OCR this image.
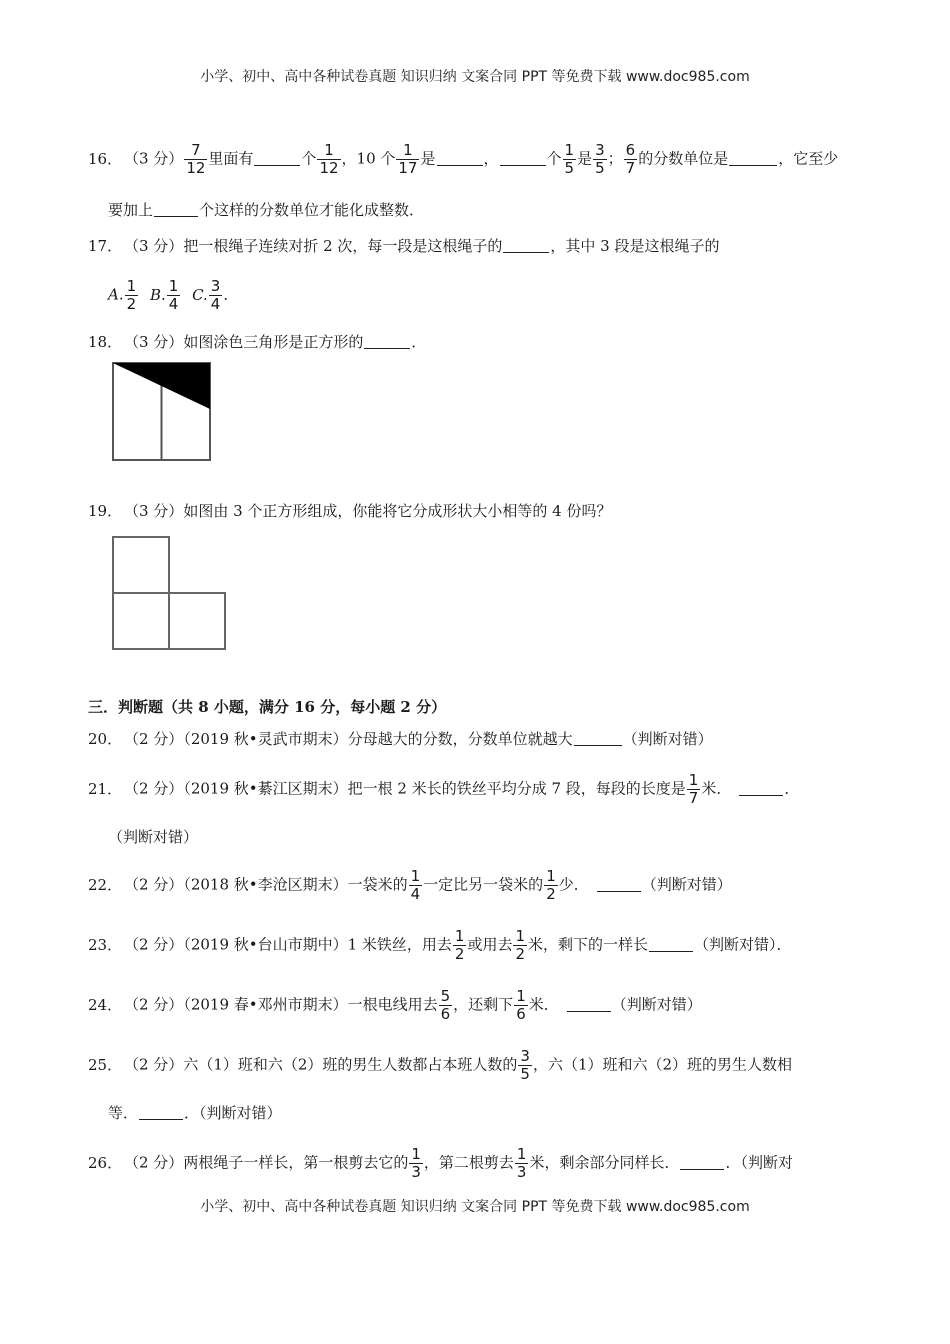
小学、初中、高中各种试卷真题 知识归纳 文案合同 PPT 等免费下载 www.doc985.com
16． （3 分） $\frac{7}{12}$ 里面有	个 $\frac{1}{12}$ ，10 个 $\frac{1}{17}$ 是	，	个 $\frac{1}{5}$ 是 $\frac{3}{5}$ ； $\frac{6}{7}$ 的分数单位是	，它至少
要加上	个这样的分数单位才能化成整数．
17． （3 分）把一根绳子连续对折 2 次，每一段是这根绳子的	，其中 3 段是这根绳子的
A. $\frac{1}{2} B$. $\frac{1}{4} C$. $\frac{3}{4}$ ．
18． （3 分）如图涂色三角形是正方形的	．
19． （3 分）如图由 3 个正方形组成，你能将它分成形状大小相等的 4 份吗？
三．判断题（共 8 小题，满分 16 分，每小题 2 分）
20． （2 分）（2019 秋•灵武市期末）分母越大的分数，分数单位就越大	（判断对错）
21． （2 分）（2019 秋•綦江区期末）把一根 2 米长的铁丝平均分成 7 段，每段的长度是 $\frac{1}{7}$ 米．	．
（判断对错）
22． （2 分）（2018 秋•李沧区期末）一袋米的 $\frac{1}{4}$ 一定比另一袋米的 $\frac{1}{2}$ 少．	（判断对错）
23． （2 分）（2019 秋•台山市期中）1 米铁丝，用去 $\frac{1}{2}$ 或用去 $\frac{1}{2}$ 米，剩下的一样长	（判断对错）．
24． （2 分）（2019 春•邓州市期末）一根电线用去 $\frac{5}{6}$ ，还剩下 $\frac{1}{6}$ 米．	（判断对错）
25． （2 分）六（1）班和六（2）班的男生人数都占本班人数的 $\frac{3}{5}$ ，六（1）班和六（2）班的男生人数相
等．	．（判断对错）
26． （2 分）两根绳子一样长，第一根剪去它的 $\frac{1}{3}$ ，第二根剪去 $\frac{1}{3}$ 米，剩余部分同样长．	．（判断对
小学、初中、高中各种试卷真题 知识归纳 文案合同 PPT 等免费下载 www.doc985.com
